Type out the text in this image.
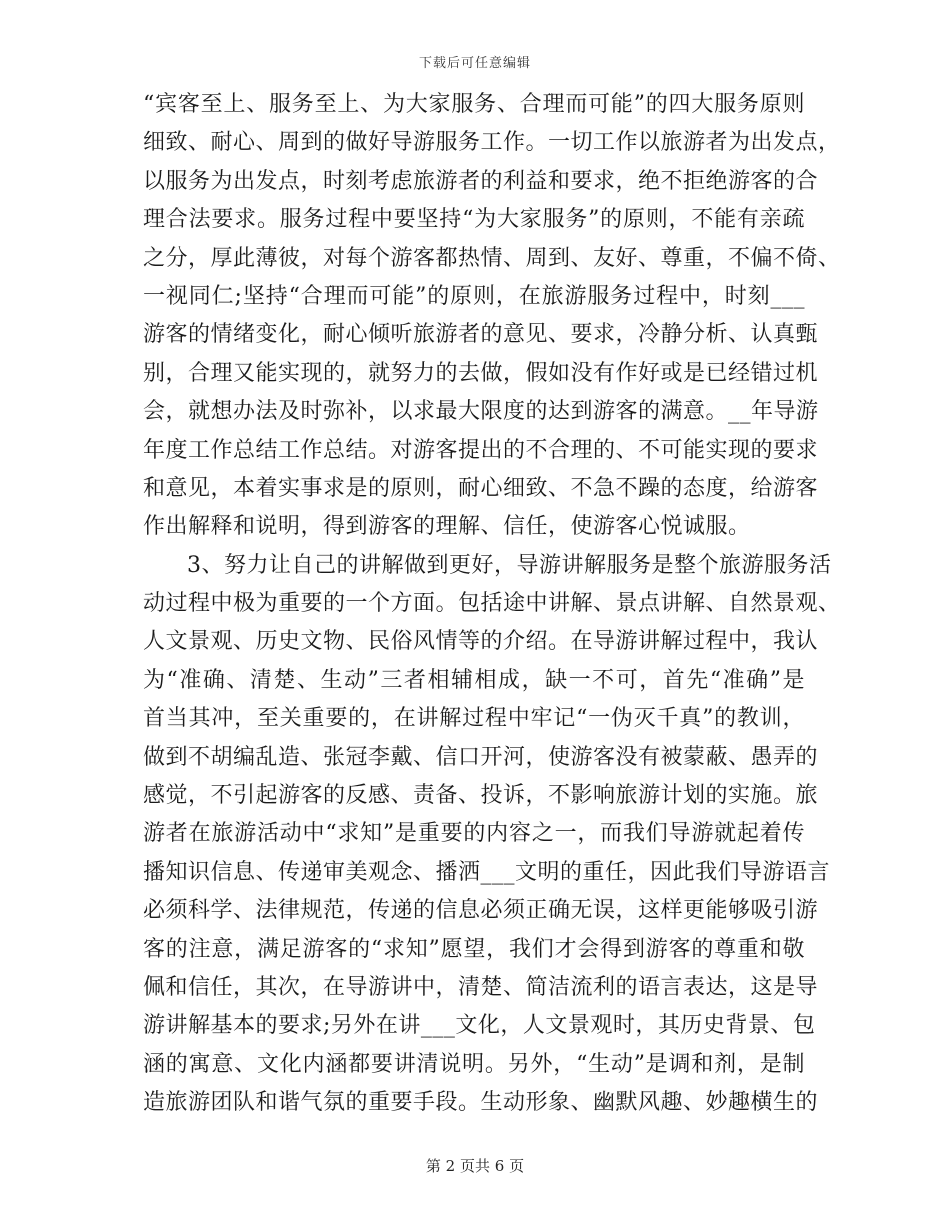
下载后可任意编辑
“宾客至上、服务至上、为大家服务、合理而可能”的四大服务原则
细致、耐心、周到的做好导游服务工作。一切工作以旅游者为出发点，
以服务为出发点，时刻考虑旅游者的利益和要求，绝不拒绝游客的合
理合法要求。服务过程中要坚持“为大家服务”的原则，不能有亲疏
之分，厚此薄彼，对每个游客都热情、周到、友好、尊重，不偏不倚、
一视同仁;坚持“合理而可能”的原则，在旅游服务过程中，时刻___
游客的情绪变化，耐心倾听旅游者的意见、要求，冷静分析、认真甄
别，合理又能实现的，就努力的去做，假如没有作好或是已经错过机
会，就想办法及时弥补，以求最大限度的达到游客的满意。__年导游
年度工作总结工作总结。对游客提出的不合理的、不可能实现的要求
和意见，本着实事求是的原则，耐心细致、不急不躁的态度，给游客
作出解释和说明，得到游客的理解、信任，使游客心悦诚服。
3、努力让自己的讲解做到更好，导游讲解服务是整个旅游服务活
动过程中极为重要的一个方面。包括途中讲解、景点讲解、自然景观、
人文景观、历史文物、民俗风情等的介绍。在导游讲解过程中，我认
为“准确、清楚、生动”三者相辅相成，缺一不可，首先“准确”是
首当其冲，至关重要的，在讲解过程中牢记“一伪灭千真”的教训，
做到不胡编乱造、张冠李戴、信口开河，使游客没有被蒙蔽、愚弄的
感觉，不引起游客的反感、责备、投诉，不影响旅游计划的实施。旅
游者在旅游活动中“求知”是重要的内容之一，而我们导游就起着传
播知识信息、传递审美观念、播洒___文明的重任，因此我们导游语言
必须科学、法律规范，传递的信息必须正确无误，这样更能够吸引游
客的注意，满足游客的“求知”愿望，我们才会得到游客的尊重和敬
佩和信任，其次，在导游讲中，清楚、简洁流利的语言表达，这是导
游讲解基本的要求;另外在讲___文化，人文景观时，其历史背景、包
涵的寓意、文化内涵都要讲清说明。另外，“生动”是调和剂，是制
造旅游团队和谐气氛的重要手段。生动形象、幽默风趣、妙趣横生的
第 2 页共 6 页
